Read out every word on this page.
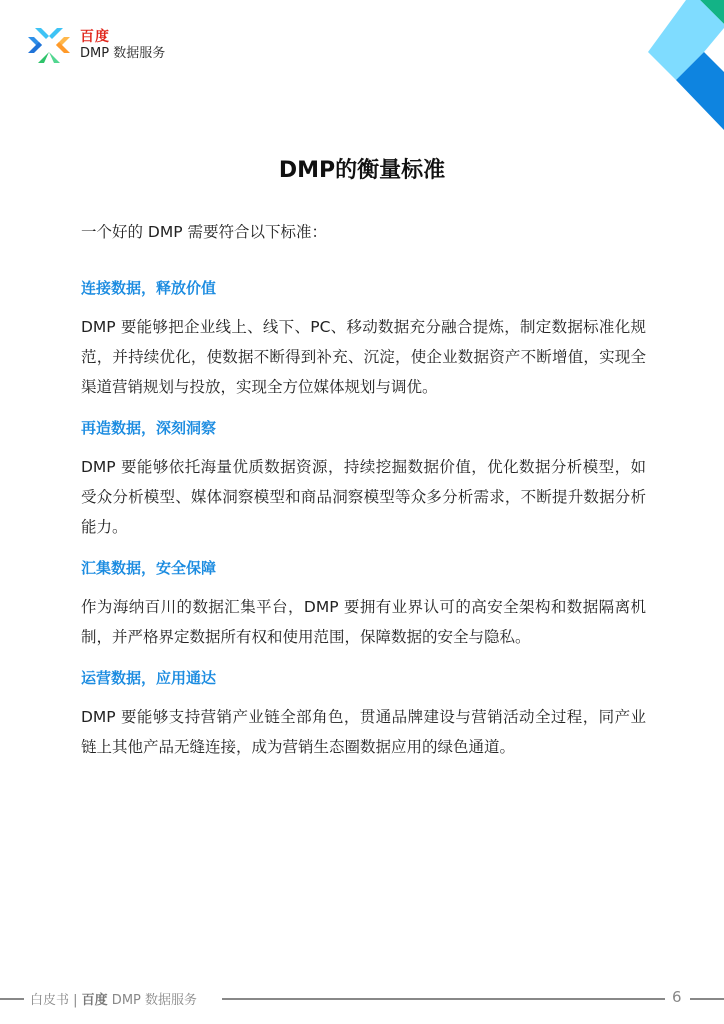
百度
DMP 数据服务
DMP的衡量标准
一个好的 DMP 需要符合以下标准：
连接数据，释放价值
DMP 要能够把企业线上、线下、PC、移动数据充分融合提炼，制定数据标准化规范，并持续优化，使数据不断得到补充、沉淀，使企业数据资产不断增值，实现全渠道营销规划与投放，实现全方位媒体规划与调优。
再造数据，深刻洞察
DMP 要能够依托海量优质数据资源，持续挖掘数据价值，优化数据分析模型，如受众分析模型、媒体洞察模型和商品洞察模型等众多分析需求，不断提升数据分析能力。
汇集数据，安全保障
作为海纳百川的数据汇集平台，DMP 要拥有业界认可的高安全架构和数据隔离机制，并严格界定数据所有权和使用范围，保障数据的安全与隐私。
运营数据，应用通达
DMP 要能够支持营销产业链全部角色，贯通品牌建设与营销活动全过程，同产业链上其他产品无缝连接，成为营销生态圈数据应用的绿色通道。
白皮书 | 百度 DMP 数据服务	6
